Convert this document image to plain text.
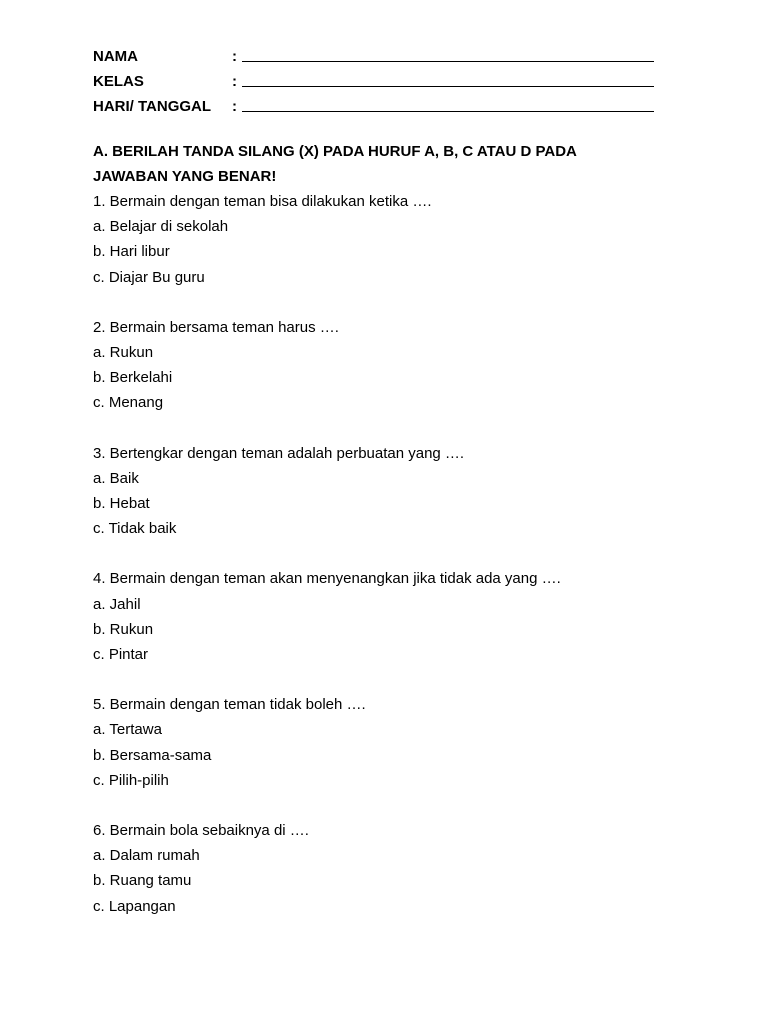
NAMA	:
KELAS	:
HARI/ TANGGAL	:
A. BERILAH TANDA SILANG (X) PADA HURUF A, B, C ATAU D PADA
JAWABAN YANG BENAR!
1. Bermain dengan teman bisa dilakukan ketika ….
a. Belajar di sekolah
b. Hari libur
c. Diajar Bu guru
2. Bermain bersama teman harus ….
a. Rukun
b. Berkelahi
c. Menang
3. Bertengkar dengan teman adalah perbuatan yang ….
a. Baik
b. Hebat
c. Tidak baik
4. Bermain dengan teman akan menyenangkan jika tidak ada yang ….
a. Jahil
b. Rukun
c. Pintar
5. Bermain dengan teman tidak boleh ….
a. Tertawa
b. Bersama-sama
c. Pilih-pilih
6. Bermain bola sebaiknya di ….
a. Dalam rumah
b. Ruang tamu
c. Lapangan
